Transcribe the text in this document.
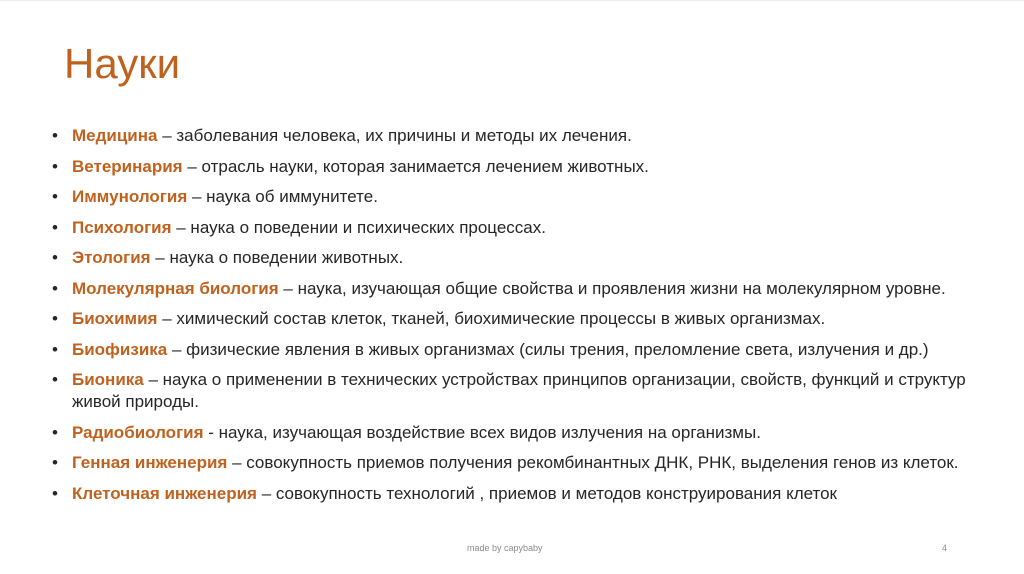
Науки
• Медицина – заболевания человека, их причины и методы их лечения.
• Ветеринария – отрасль науки, которая занимается лечением животных.
• Иммунология – наука об иммунитете.
• Психология – наука о поведении и психических процессах.
• Этология – наука о поведении животных.
• Молекулярная биология – наука, изучающая общие свойства и проявления жизни на молекулярном уровне.
• Биохимия – химический состав клеток, тканей, биохимические процессы в живых организмах.
• Биофизика – физические явления в живых организмах (силы трения, преломление света, излучения и др.)
• Бионика – наука о применении в технических устройствах принципов организации, свойств, функций и структур живой природы.
• Радиобиология - наука, изучающая воздействие всех видов излучения на организмы.
• Генная инженерия – совокупность приемов получения рекомбинантных ДНК, РНК, выделения генов из клеток.
• Клеточная инженерия – совокупность технологий , приемов и методов конструирования клеток
made by capybaby	4
